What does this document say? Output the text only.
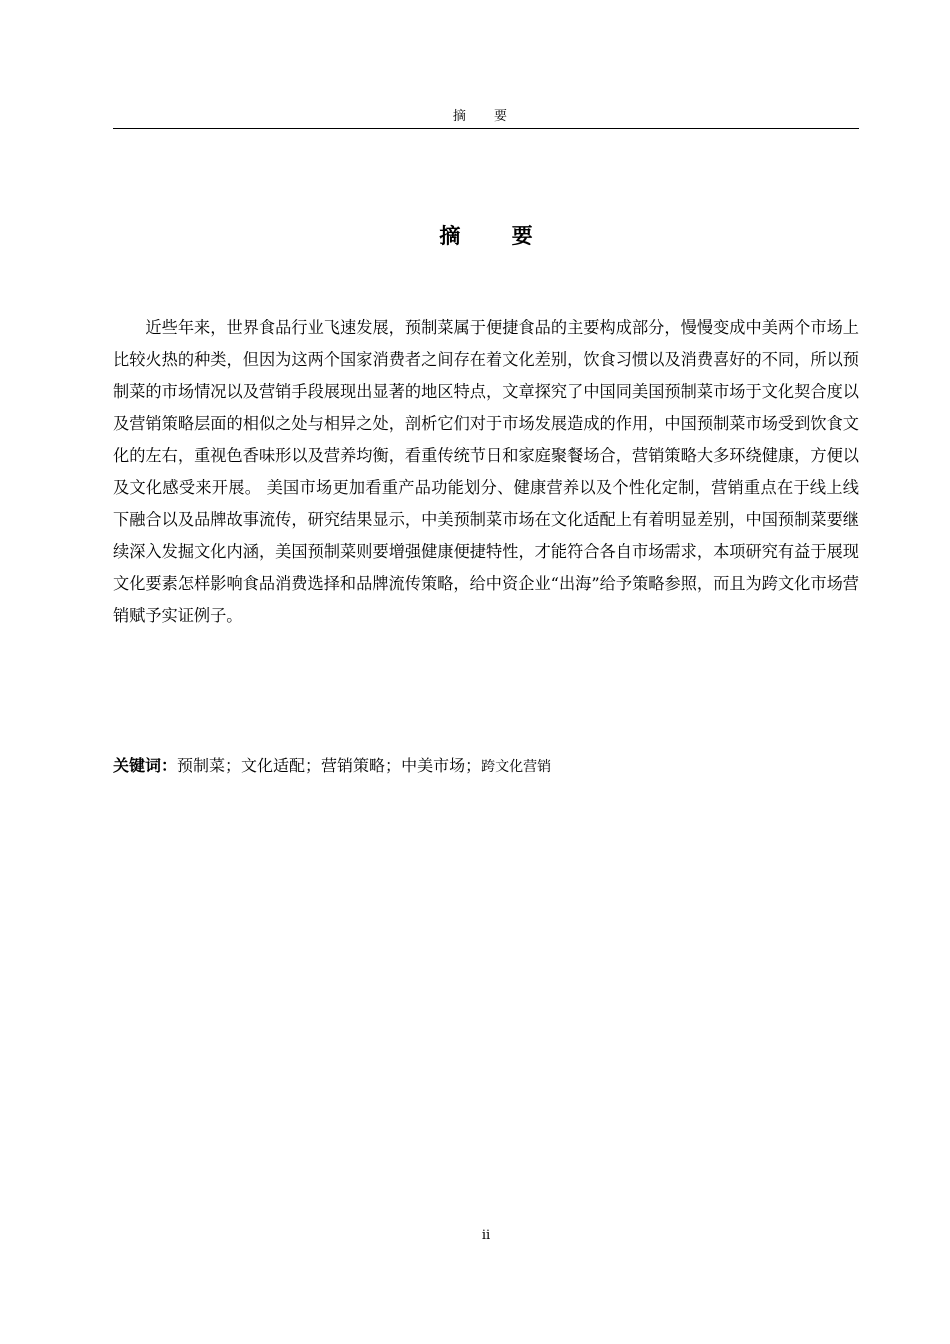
摘 要
摘 要
近些年来，世界食品行业飞速发展，预制菜属于便捷食品的主要构成部分，慢慢变成中美两个市场上比较火热的种类，但因为这两个国家消费者之间存在着文化差别，饮食习惯以及消费喜好的不同，所以预制菜的市场情况以及营销手段展现出显著的地区特点，文章探究了中国同美国预制菜市场于文化契合度以及营销策略层面的相似之处与相异之处，剖析它们对于市场发展造成的作用，中国预制菜市场受到饮食文化的左右，重视色香味形以及营养均衡，看重传统节日和家庭聚餐场合，营销策略大多环绕健康，方便以及文化感受来开展。 美国市场更加看重产品功能划分、健康营养以及个性化定制，营销重点在于线上线下融合以及品牌故事流传，研究结果显示，中美预制菜市场在文化适配上有着明显差别，中国预制菜要继续深入发掘文化内涵，美国预制菜则要增强健康便捷特性，才能符合各自市场需求，本项研究有益于展现文化要素怎样影响食品消费选择和品牌流传策略，给中资企业“出海”给予策略参照，而且为跨文化市场营销赋予实证例子。
关键词：预制菜；文化适配；营销策略；中美市场；跨文化营销
ii
